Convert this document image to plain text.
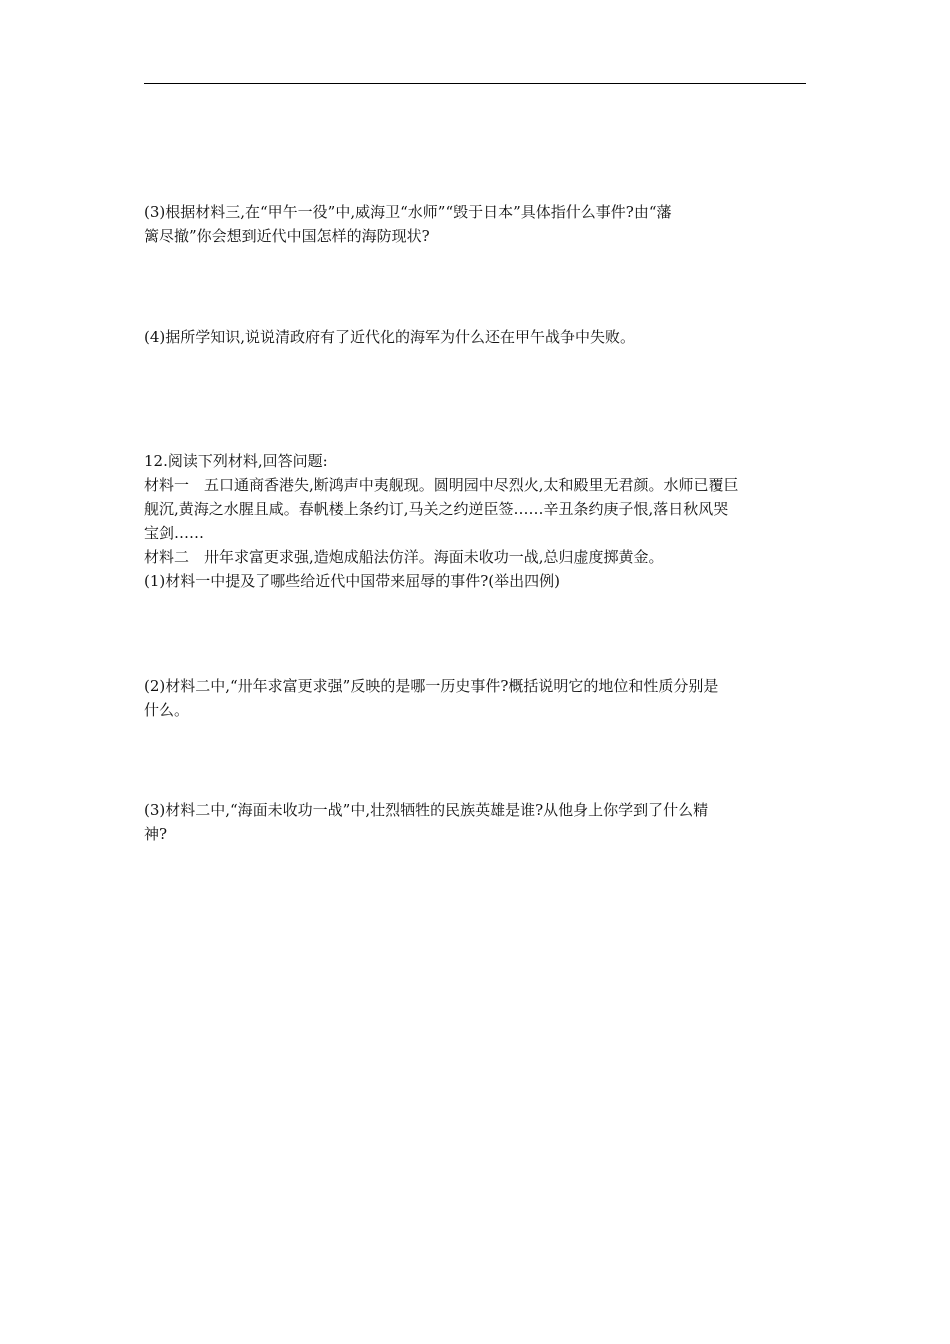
(3)根据材料三,在“甲午一役”中,威海卫“水师”“毁于日本”具体指什么事件?由“藩
篱尽撤”你会想到近代中国怎样的海防现状?
(4)据所学知识,说说清政府有了近代化的海军为什么还在甲午战争中失败。
12.阅读下列材料,回答问题:
材料一　五口通商香港失,断鸿声中夷舰现。圆明园中尽烈火,太和殿里无君颜。水师已覆巨
舰沉,黄海之水腥且咸。春帆楼上条约订,马关之约逆臣签……辛丑条约庚子恨,落日秋风哭
宝剑……
材料二　卅年求富更求强,造炮成船法仿洋。海面未收功一战,总归虚度掷黄金。
(1)材料一中提及了哪些给近代中国带来屈辱的事件?(举出四例)
(2)材料二中,“卅年求富更求强”反映的是哪一历史事件?概括说明它的地位和性质分别是
什么。
(3)材料二中,“海面未收功一战”中,壮烈牺牲的民族英雄是谁?从他身上你学到了什么精
神?
